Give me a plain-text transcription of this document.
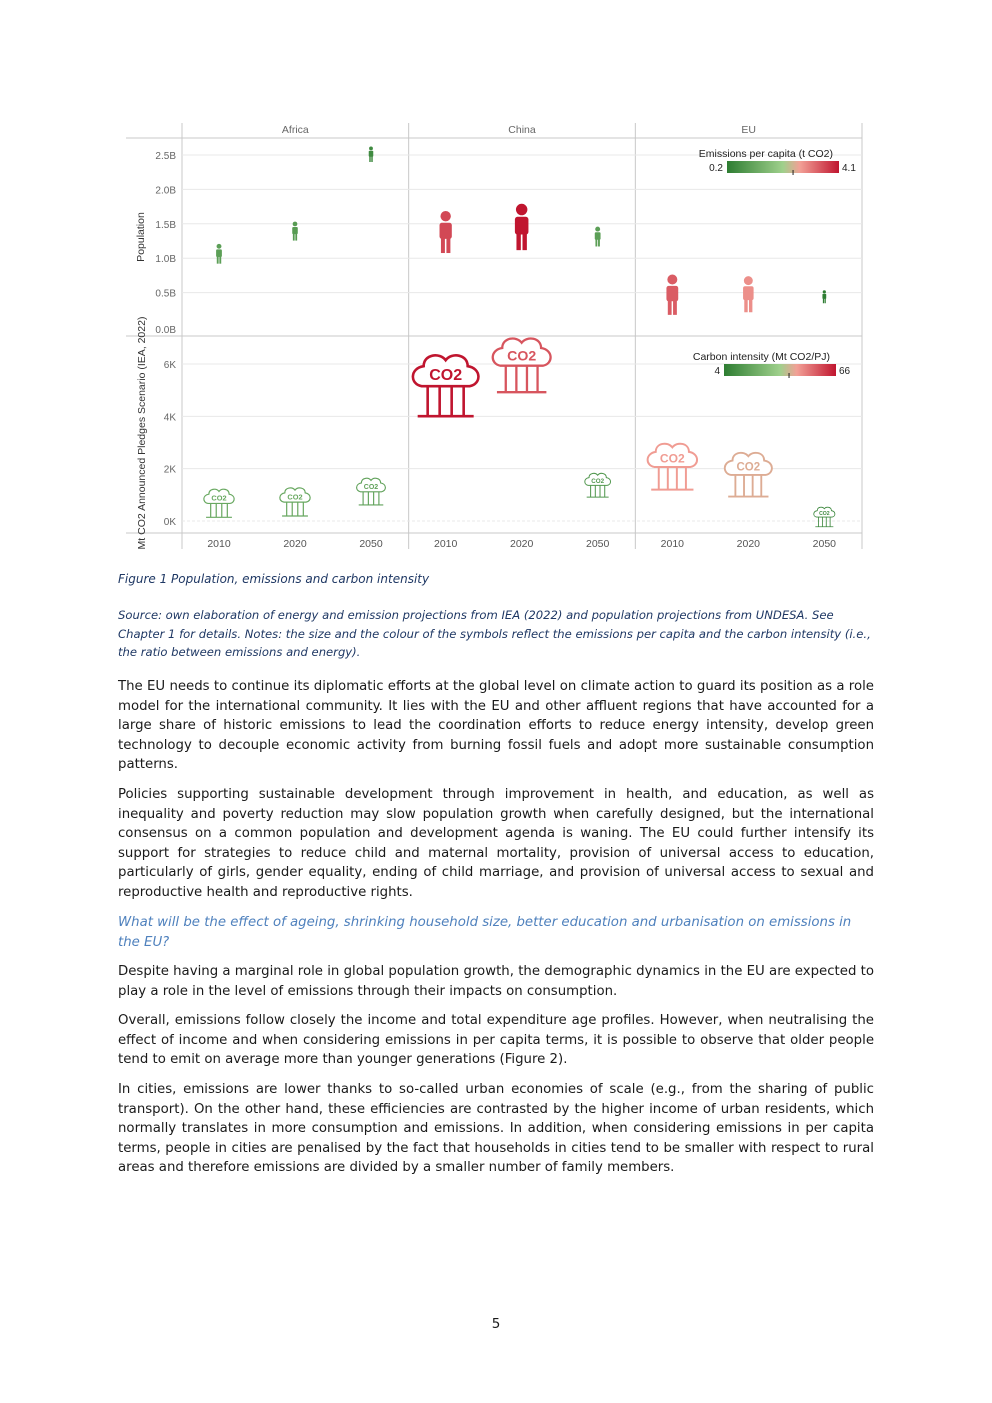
Africa	China	EU
2.5B
2.0B
1.5B
1.0B
0.5B
0.0B
Population
6K
4K
2K
0K
Mt CO2 Announced Pledges Scenario (IEA, 2022)	2010	2020	2050	2010	2020	2050	2010	2020	2050
CO2	CO2
CO2
CO2
CO2
CO2
CO2
CO2
CO2
Emissions per capita (t CO2)
0.2	4.1
Carbon intensity (Mt CO2/PJ)
4	66
Figure 1 Population, emissions and carbon intensity
Source: own elaboration of energy and emission projections from IEA (2022) and population projections from UNDESA. See Chapter 1 for details. Notes: the size and the colour of the symbols reflect the emissions per capita and the carbon intensity (i.e., the ratio between emissions and energy).
The EU needs to continue its diplomatic efforts at the global level on climate action to guard its position as a role model for the international community. It lies with the EU and other affluent regions that have accounted for a large share of historic emissions to lead the coordination efforts to reduce energy intensity, develop green technology to decouple economic activity from burning fossil fuels and adopt more sustainable consumption patterns.
Policies supporting sustainable development through improvement in health, and education, as well as inequality and poverty reduction may slow population growth when carefully designed, but the international consensus on a common population and development agenda is waning. The EU could further intensify its support for strategies to reduce child and maternal mortality, provision of universal access to education, particularly of girls, gender equality, ending of child marriage, and provision of universal access to sexual and reproductive health and reproductive rights.
What will be the effect of ageing, shrinking household size, better education and urbanisation on emissions in the EU?
Despite having a marginal role in global population growth, the demographic dynamics in the EU are expected to play a role in the level of emissions through their impacts on consumption.
Overall, emissions follow closely the income and total expenditure age profiles. However, when neutralising the effect of income and when considering emissions in per capita terms, it is possible to observe that older people tend to emit on average more than younger generations (Figure 2).
In cities, emissions are lower thanks to so-called urban economies of scale (e.g., from the sharing of public transport). On the other hand, these efficiencies are contrasted by the higher income of urban residents, which normally translates in more consumption and emissions. In addition, when considering emissions in per capita terms, people in cities are penalised by the fact that households in cities tend to be smaller with respect to rural areas and therefore emissions are divided by a smaller number of family members.
5
